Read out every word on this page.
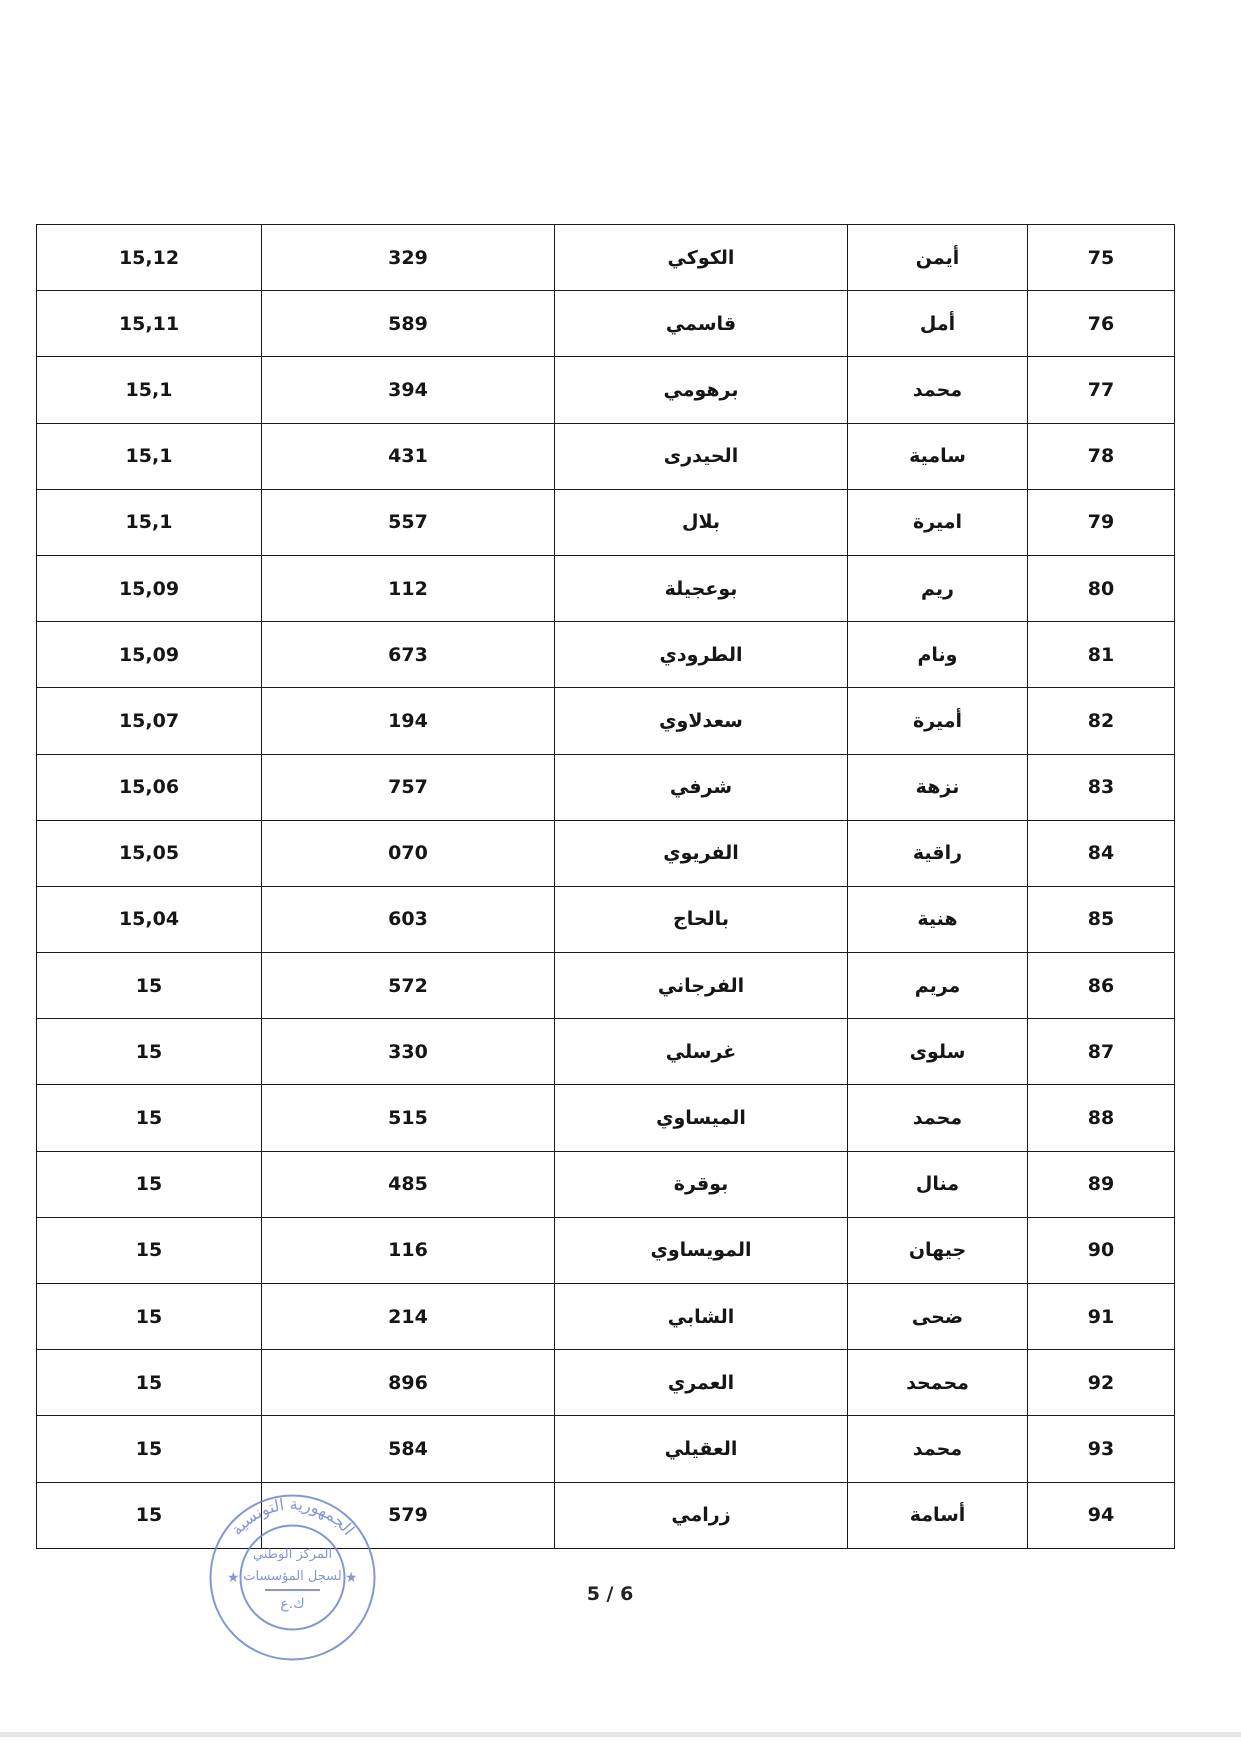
15,12	329	الكوكي	أيمن	75
15,11	589	قاسمي	أمل	76
15,1	394	برهومي	محمد	77
15,1	431	الحيدرى	سامية	78
15,1	557	بلال	اميرة	79
15,09	112	بوعجيلة	ريم	80
15,09	673	الطرودي	ونام	81
15,07	194	سعدلاوي	أميرة	82
15,06	757	شرفي	نزهة	83
15,05	070	الفريوي	راقية	84
15,04	603	بالحاج	هنية	85
15	572	الفرجاني	مريم	86
15	330	غرسلي	سلوى	87
15	515	الميساوي	محمد	88
15	485	بوقرة	منال	89
15	116	المويساوي	جيهان	90
15	214	الشابي	ضحى	91
15	896	العمري	محمحد	92
15	584	العقيلي	محمد	93
15	579	زرامي	أسامة	94
5 / 6
الجمهورية التونسية
المركز الوطني
لسجل المؤسسات
ك.ع
★	★
